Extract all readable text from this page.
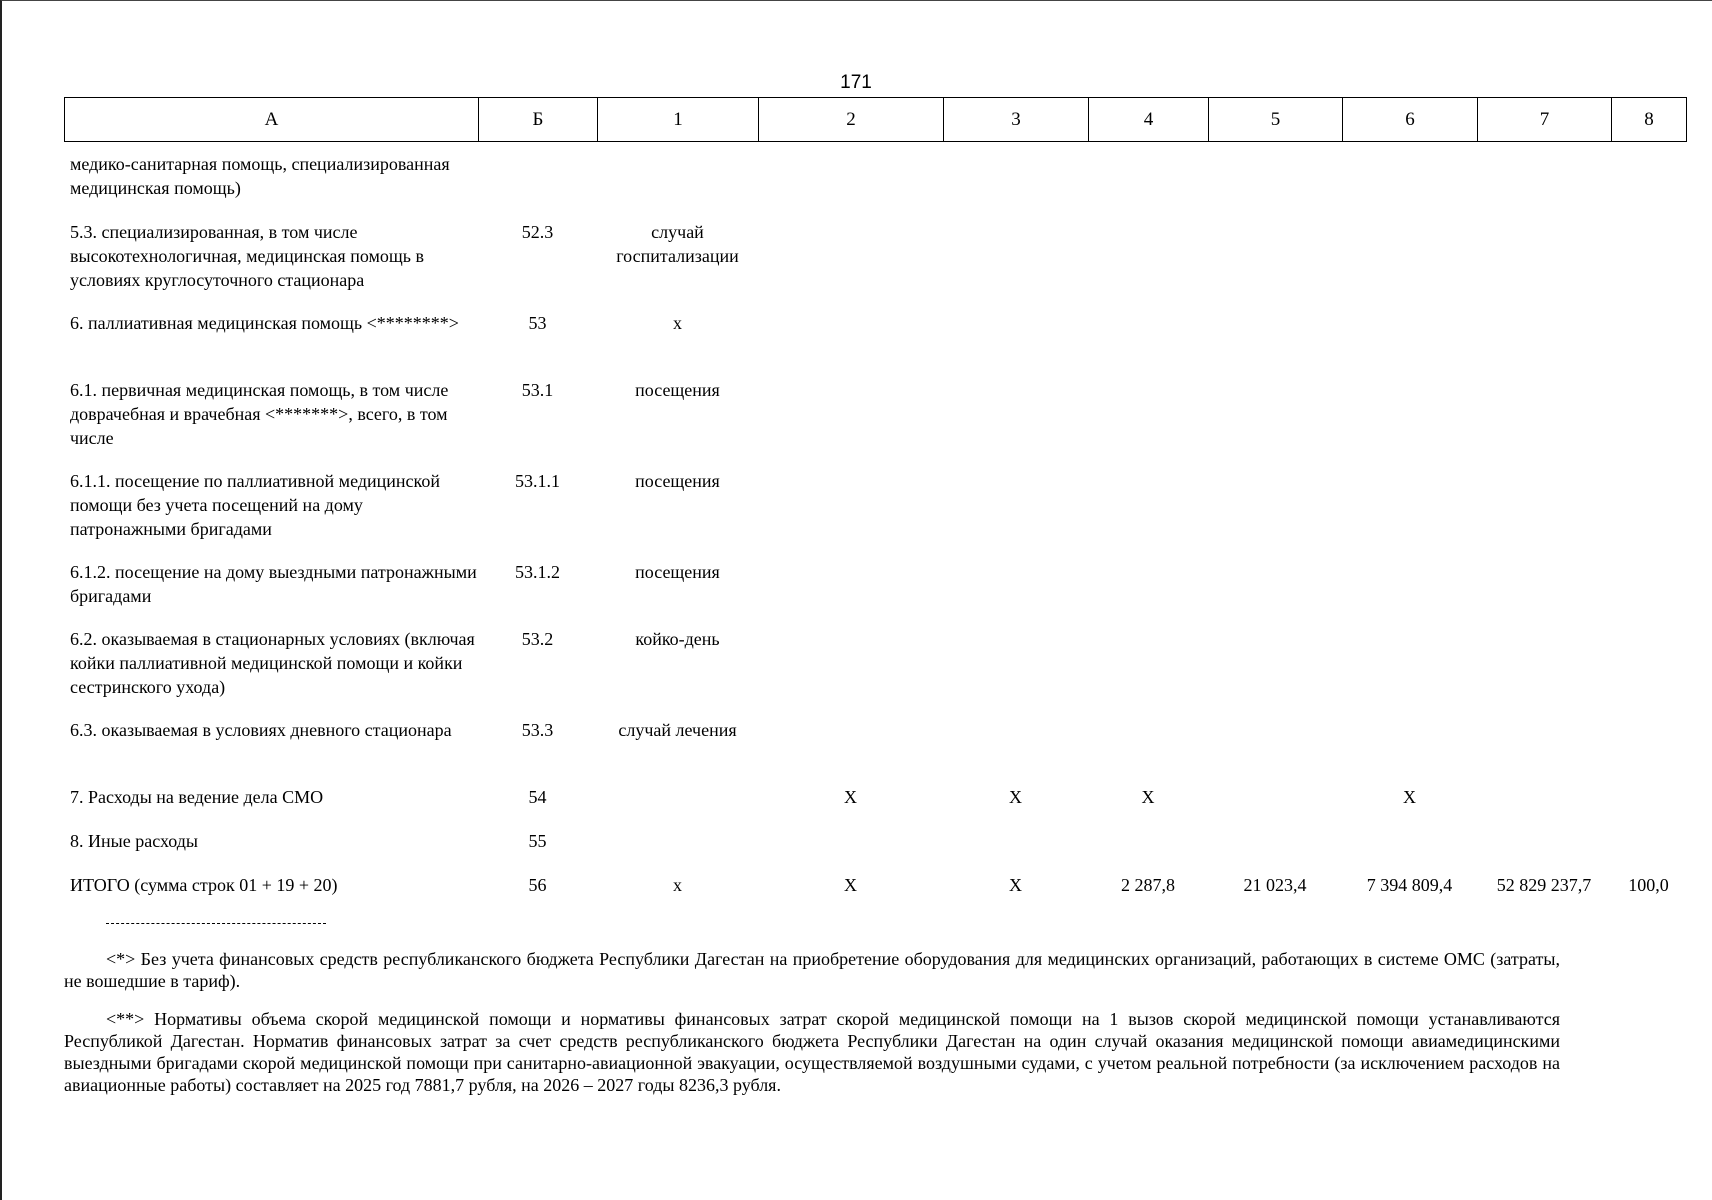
171
А	Б	1	2	3	4	5	6	7	8
медико-санитарная помощь, специализированная медицинская помощь)									
5.3. специализированная, в том числе высокотехнологичная, медицинская помощь в условиях круглосуточного стационара	52.3	случай госпитализации							
6. паллиативная медицинская помощь <********>	53	х							
6.1. первичная медицинская помощь, в том числе доврачебная и врачебная <*******>, всего, в том числе	53.1	посещения							
6.1.1. посещение по паллиативной медицинской помощи без учета посещений на дому патронажными бригадами	53.1.1	посещения							
6.1.2. посещение на дому выездными патронажными бригадами	53.1.2	посещения							
6.2. оказываемая в стационарных условиях (включая койки паллиативной медицинской помощи и койки сестринского ухода)	53.2	койко-день							
6.3. оказываемая в условиях дневного стационара	53.3	случай лечения							
7. Расходы на ведение дела СМО	54		Х	Х	Х		Х		
8. Иные расходы	55								
ИТОГО (сумма строк 01 + 19 + 20)	56	х	Х	Х	2 287,8	21 023,4	7 394 809,4	52 829 237,7	100,0

<*> Без учета финансовых средств республиканского бюджета Республики Дагестан на приобретение оборудования для медицинских организаций, работающих в системе ОМС (затраты, не вошедшие в тариф).

<**> Нормативы объема скорой медицинской помощи и нормативы финансовых затрат скорой медицинской помощи на 1 вызов скорой медицинской помощи устанавливаются Республикой Дагестан. Норматив финансовых затрат за счет средств республиканского бюджета Республики Дагестан на один случай оказания медицинской помощи авиамедицинскими выездными бригадами скорой медицинской помощи при санитарно-авиационной эвакуации, осуществляемой воздушными судами, с учетом реальной потребности (за исключением расходов на авиационные работы) составляет на 2025 год 7881,7 рубля, на 2026 – 2027 годы 8236,3 рубля.
